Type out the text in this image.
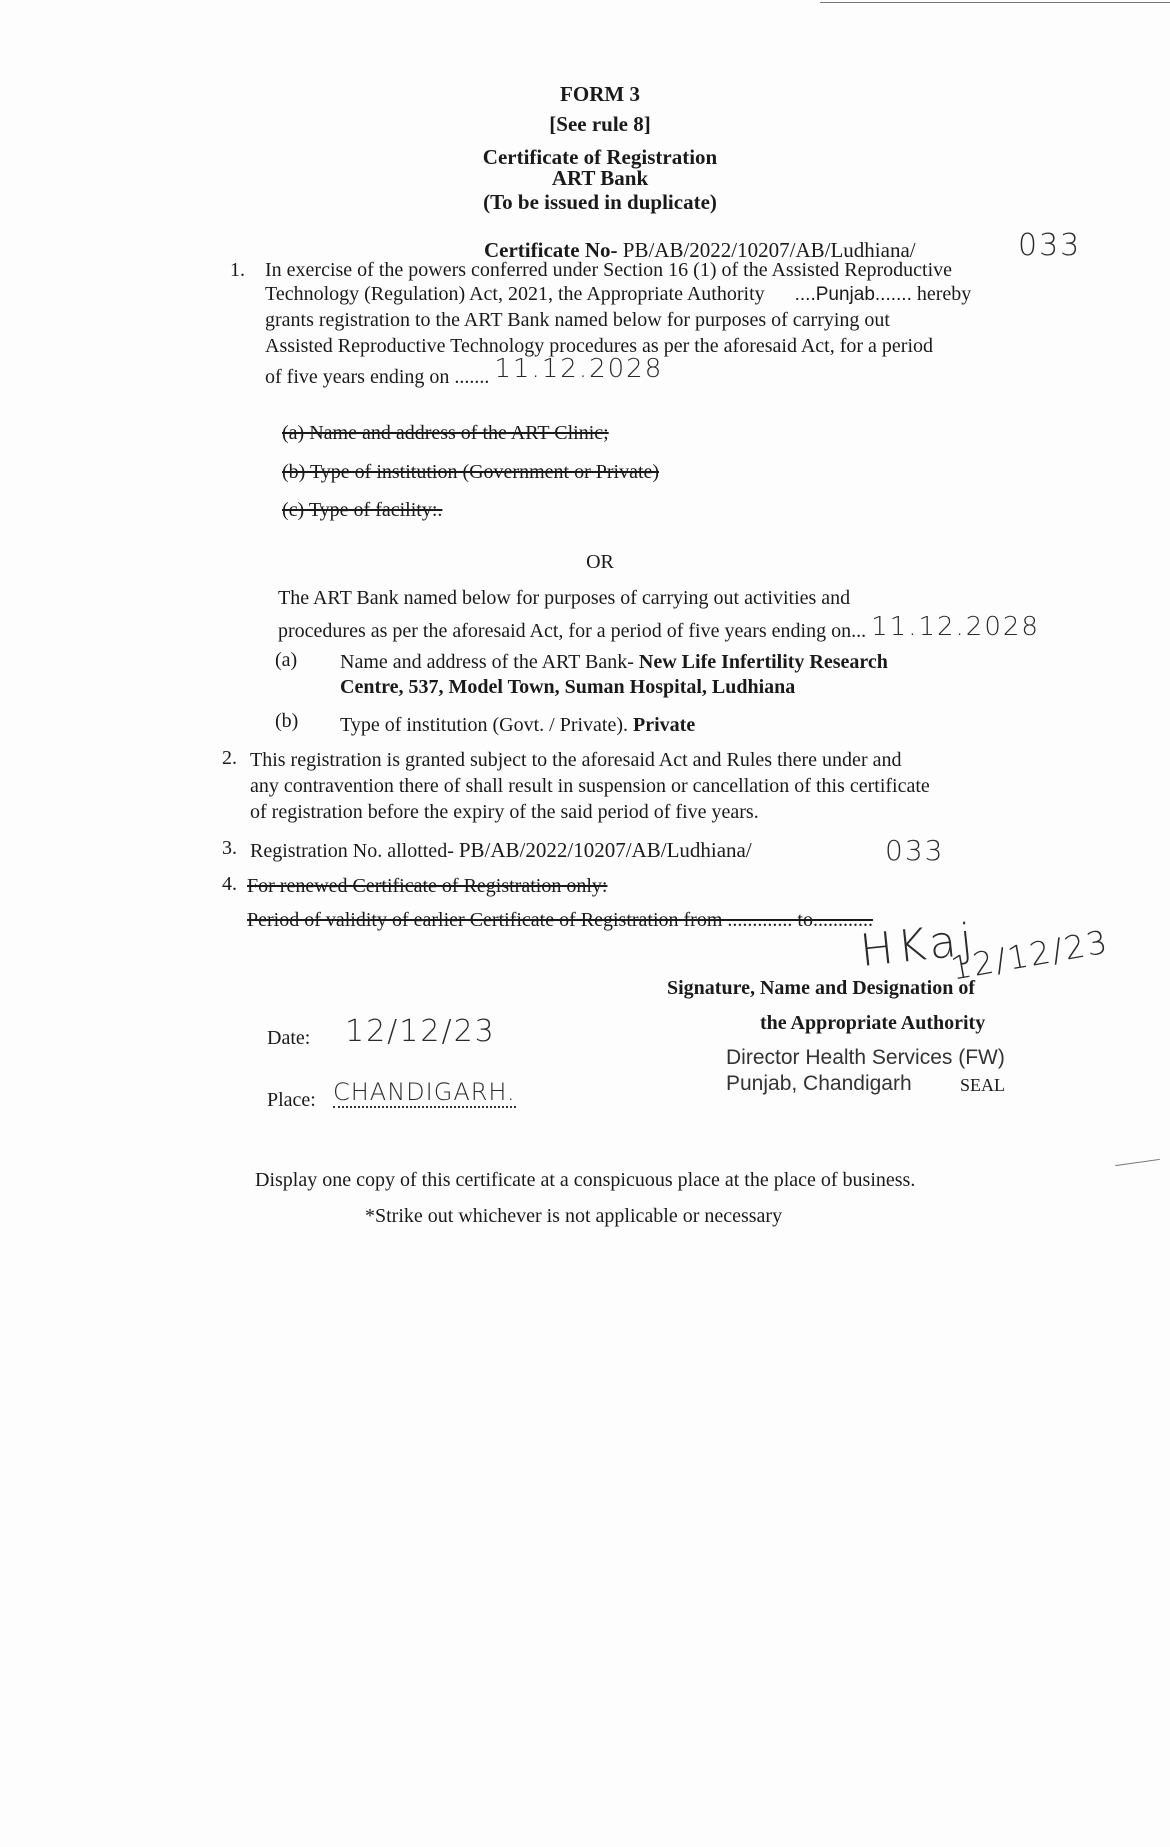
FORM 3
[See rule 8]
Certificate of Registration
ART Bank
(To be issued in duplicate)
Certificate No- PB/AB/2022/10207/AB/Ludhiana/	033
1. In exercise of the powers conferred under Section 16 (1) of the Assisted Reproductive
Technology (Regulation) Act, 2021, the Appropriate Authority ....Punjab....... hereby
grants registration to the ART Bank named below for purposes of carrying out
Assisted Reproductive Technology procedures as per the aforesaid Act, for a period
of five years ending on ....... 11.12.2028
(a) Name and address of the ART Clinic;
(b) Type of institution (Government or Private)
(c) Type of facility:.
OR
The ART Bank named below for purposes of carrying out activities and
procedures as per the aforesaid Act, for a period of five years ending on... 11.12.2028
(a) Name and address of the ART Bank- New Life Infertility Research
Centre, 537, Model Town, Suman Hospital, Ludhiana
(b) Type of institution (Govt. / Private). Private
2. This registration is granted subject to the aforesaid Act and Rules there under and
any contravention there of shall result in suspension or cancellation of this certificate
of registration before the expiry of the said period of five years.
3. Registration No. allotted- PB/AB/2022/10207/AB/Ludhiana/	033
4. For renewed Certificate of Registration only:
Period of validity of earlier Certificate of Registration from ............. to............
HKaj
12/12/23
Signature, Name and Designation of
the Appropriate Authority
Director Health Services (FW)
Punjab, Chandigarh	SEAL
Date: 12/12/23
Place: CHANDIGARH.
Display one copy of this certificate at a conspicuous place at the place of business.
*Strike out whichever is not applicable or necessary
